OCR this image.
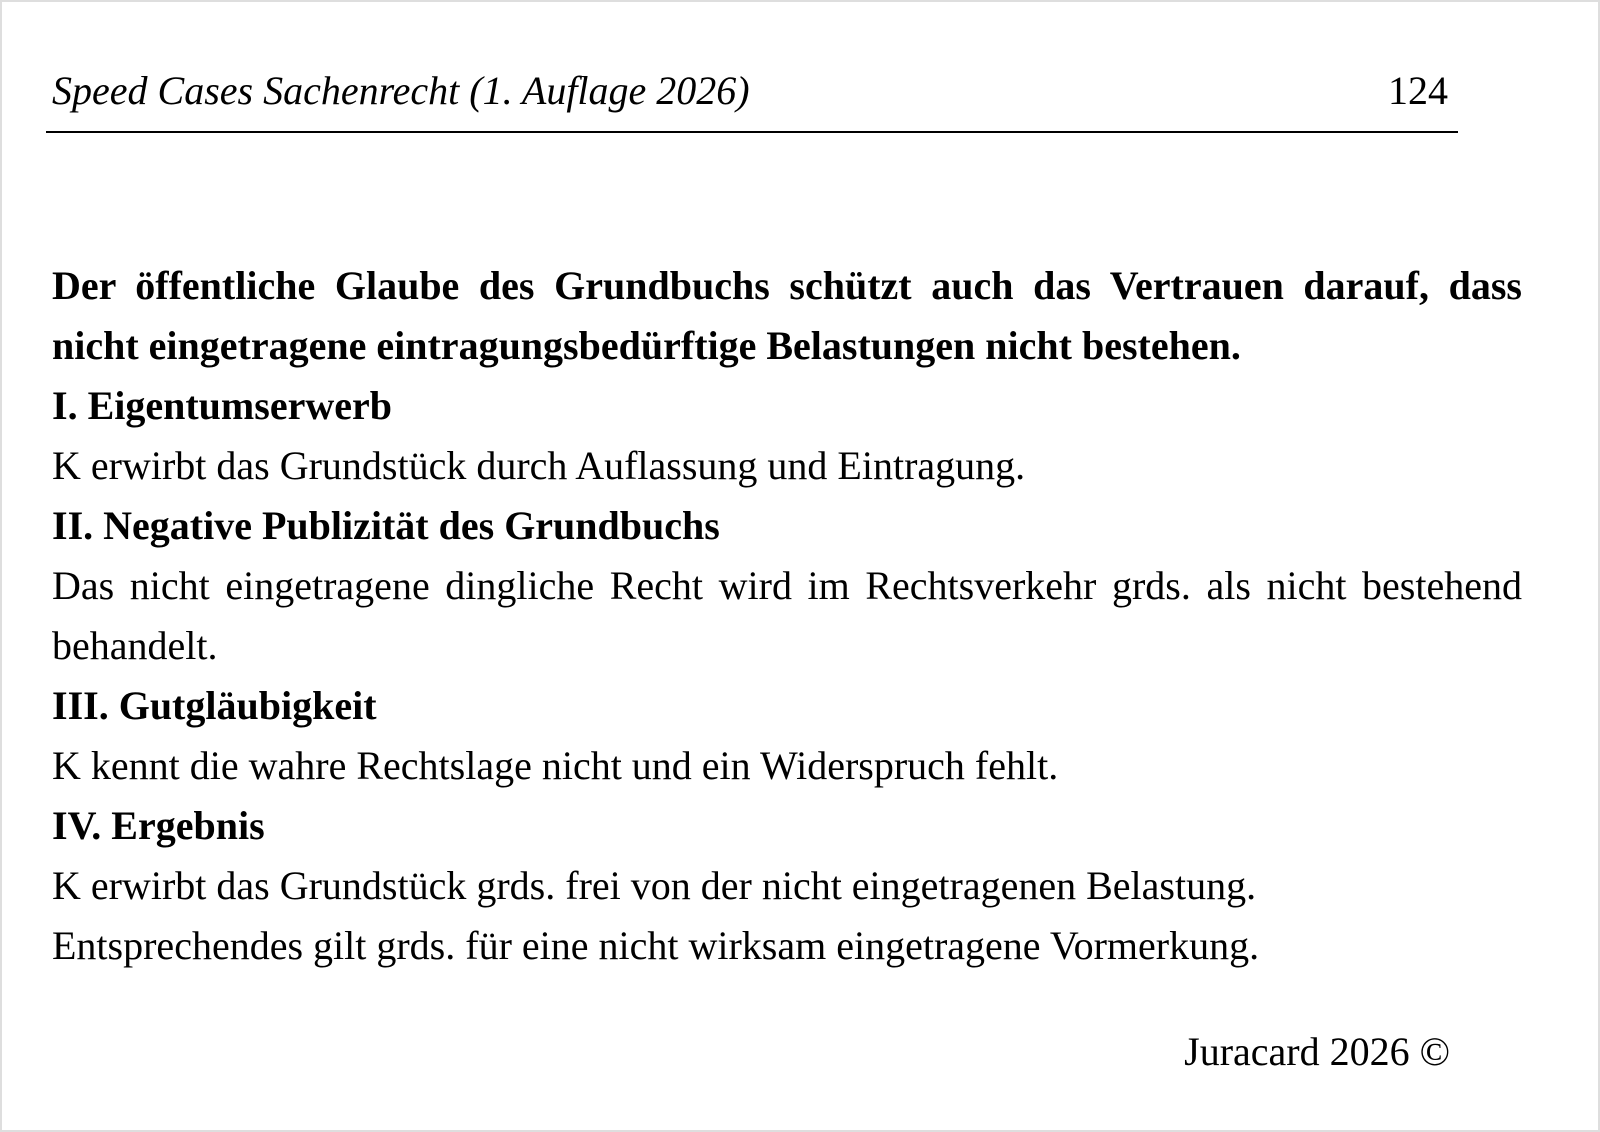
Speed Cases Sachenrecht (1. Auflage 2026)	124

Der öffentliche Glaube des Grundbuchs schützt auch das Vertrauen darauf, dass nicht eingetragene eintragungsbedürftige Belastungen nicht bestehen.

I. Eigentumserwerb

K erwirbt das Grundstück durch Auflassung und Eintragung.

II. Negative Publizität des Grundbuchs

Das nicht eingetragene dingliche Recht wird im Rechtsverkehr grds. als nicht bestehend behandelt.

III. Gutgläubigkeit

K kennt die wahre Rechtslage nicht und ein Widerspruch fehlt.

IV. Ergebnis

K erwirbt das Grundstück grds. frei von der nicht eingetragenen Belastung.

Entsprechendes gilt grds. für eine nicht wirksam eingetragene Vormerkung.

Juracard 2026 ©
